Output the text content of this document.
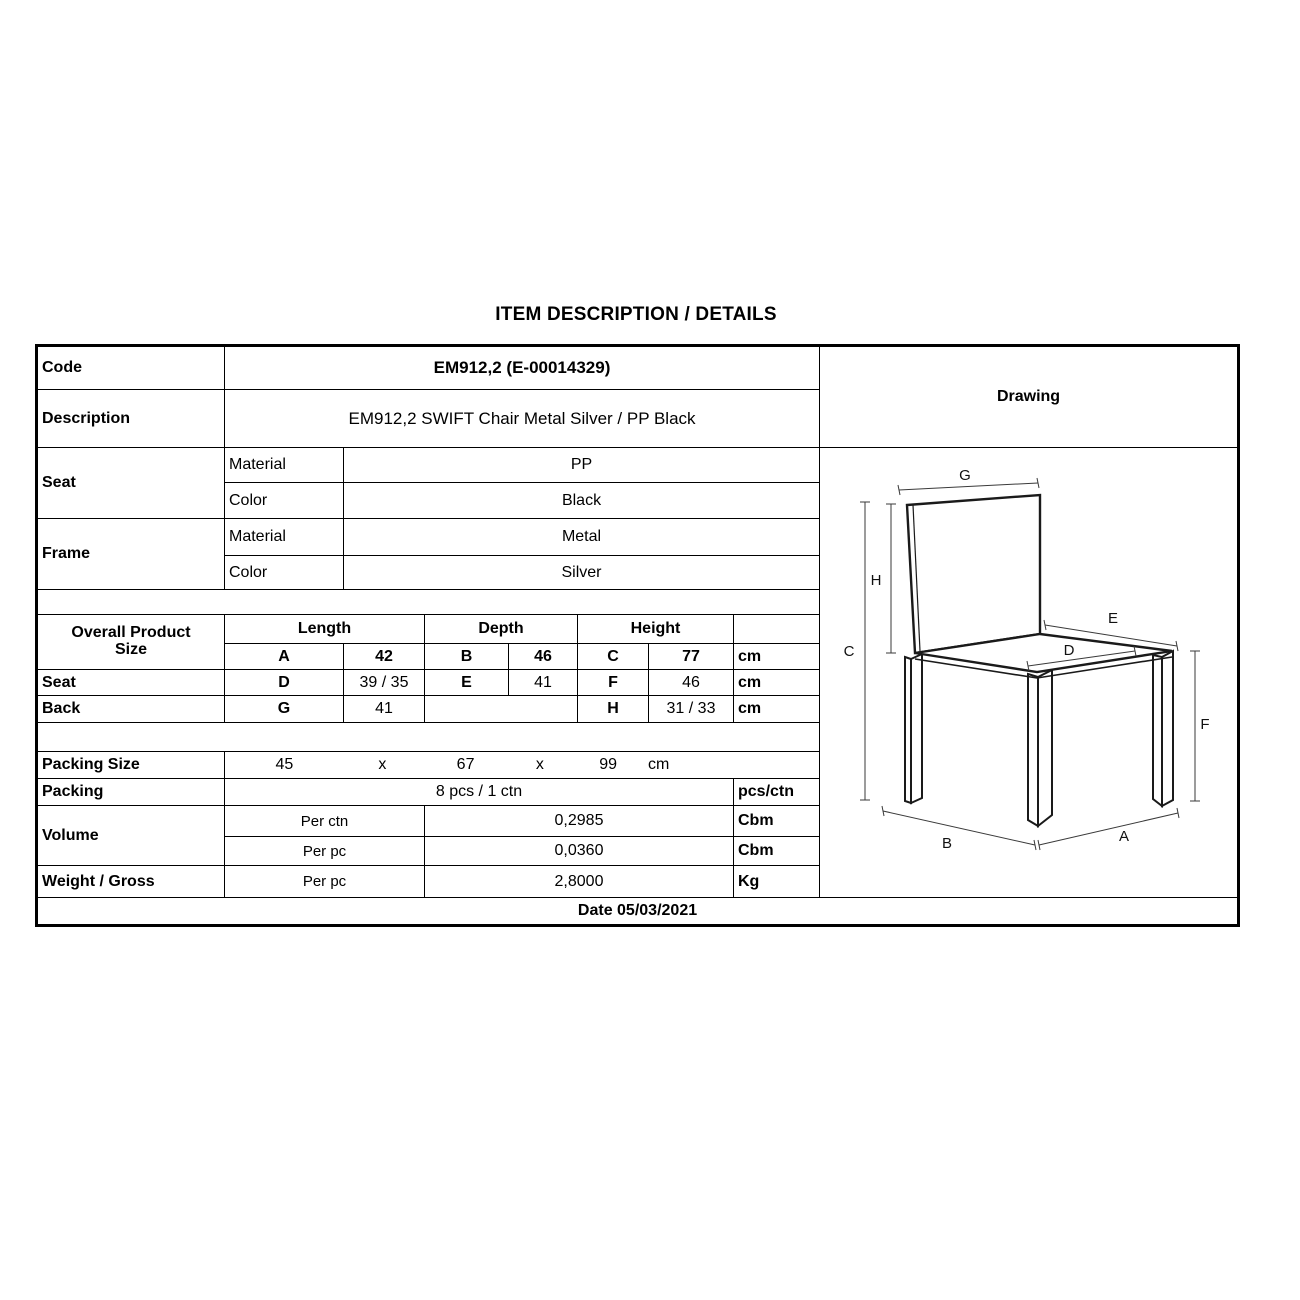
ITEM DESCRIPTION / DETAILS
Code	EM912,2 (E-00014329)							Drawing
Description	EM912,2 SWIFT Chair Metal Silver / PP Black							
Seat	Material	PP	
G
H
C
E
D
F
B	A

	Color	Black						
Frame	Material	Metal						
	Color	Silver						

Overall Product
Size	Length		Depth		Height			
	A	42	B	46	C	77	cm	
Seat	D	39 / 35	E	41	F	46	cm	
Back	G	41			H	31 / 33	cm	

Packing Size	45	x	67	x	99 cm

Packing	8 pcs / 1 ctn						pcs/ctn	
Volume	Per ctn		0,2985				Cbm	
	Per pc		0,0360				Cbm	
Weight / Gross	Per pc		2,8000				Kg	
Date 05/03/2021								
